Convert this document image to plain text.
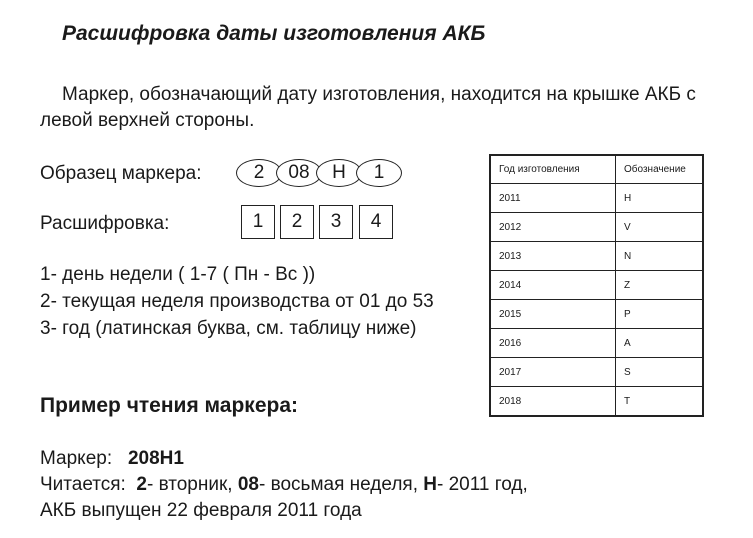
Расшифровка даты изготовления АКБ
Маркер, обозначающий дату изготовления, находится на крышке АКБ с левой верхней стороны.
Образец маркера:	2	08	H	1
Расшифровка:	1	2	3	4
1- день недели ( 1-7 ( Пн - Вс ))
2- текущая неделя производства от 01 до 53
3- год (латинская буква, см. таблицу ниже)
Пример чтения маркера:
Маркер: 208H1
Читается: 2- вторник, 08- восьмая неделя, H- 2011 год,
АКБ выпущен 22 февраля 2011 года
Год изготовления	Обозначение
2011	H
2012	V
2013	N
2014	Z
2015	P
2016	A
2017	S
2018	T
